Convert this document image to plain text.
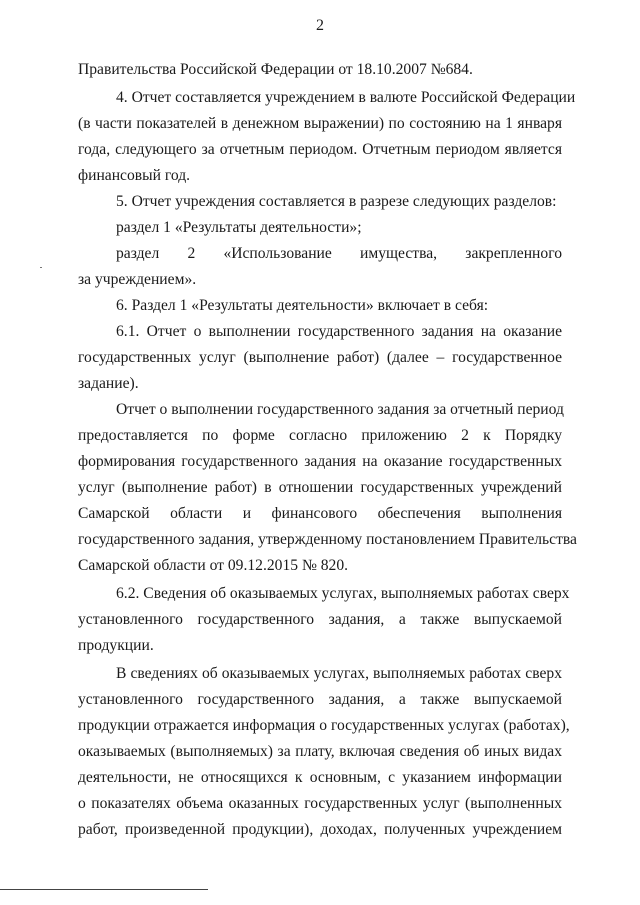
2
Правительства Российской Федерации от 18.10.2007 №684.
4. Отчет составляется учреждением в валюте Российской Федерации
(в части показателей в денежном выражении) по состоянию на 1 января
года, следующего за отчетным периодом. Отчетным периодом является
финансовый год.
5. Отчет учреждения составляется в разрезе следующих разделов:
раздел 1 «Результаты деятельности»;
раздел 2 «Использование имущества, закрепленного
за учреждением».
6. Раздел 1 «Результаты деятельности» включает в себя:
6.1. Отчет о выполнении государственного задания на оказание
государственных услуг (выполнение работ) (далее – государственное
задание).
Отчет о выполнении государственного задания за отчетный период
предоставляется по форме согласно приложению 2 к Порядку
формирования государственного задания на оказание государственных
услуг (выполнение работ) в отношении государственных учреждений
Самарской области и финансового обеспечения выполнения
государственного задания, утвержденному постановлением Правительства
Самарской области от 09.12.2015 № 820.
6.2. Сведения об оказываемых услугах, выполняемых работах сверх
установленного государственного задания, а также выпускаемой
продукции.
В сведениях об оказываемых услугах, выполняемых работах сверх
установленного государственного задания, а также выпускаемой
продукции отражается информация о государственных услугах (работах),
оказываемых (выполняемых) за плату, включая сведения об иных видах
деятельности, не относящихся к основным, с указанием информации
о показателях объема оказанных государственных услуг (выполненных
работ, произведенной продукции), доходах, полученных учреждением
